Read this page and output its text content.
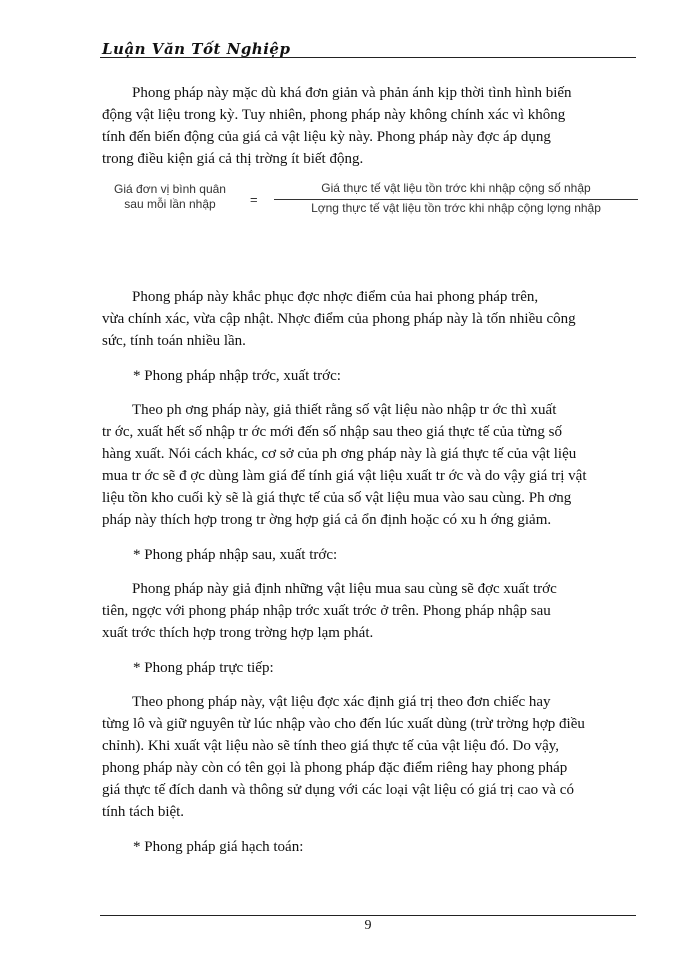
Luận Văn Tốt Nghiệp
Phong pháp này mặc dù khá đơn giản và phản ánh kịp thời tình hình biến
động vật liệu trong kỳ. Tuy nhiên, phong pháp này không chính xác vì không
tính đến biến động của giá cả vật liệu kỳ này. Phong pháp này đợc áp dụng
trong điều kiện giá cả thị trờng ít biết động.
Giá đơn vị bình quân
sau mỗi lần nhập	=
Giá thực tế vật liệu tồn trớc khi nhập cộng số nhập
Lợng thực tế vật liệu tồn trớc khi nhập cộng lợng nhập
Phong pháp này khắc phục đợc nhợc điểm của hai phong pháp trên,
vừa chính xác, vừa cập nhật. Nhợc điểm của phong pháp này là tốn nhiều công
sức, tính toán nhiều lần.
* Phong pháp nhập trớc, xuất trớc:
Theo ph ơng pháp này, giả thiết rằng số vật liệu nào nhập tr ớc thì xuất
tr ớc, xuất hết số nhập tr ớc mới đến số nhập sau theo giá thực tế của từng số
hàng xuất. Nói cách khác, cơ sở của ph ơng pháp này là giá thực tế của vật liệu
mua tr ớc sẽ đ ợc dùng làm giá để tính giá vật liệu xuất tr ớc và do vậy giá trị vật
liệu tồn kho cuối kỳ sẽ là giá thực tế của số vật liệu mua vào sau cùng. Ph ơng
pháp này thích hợp trong tr ờng hợp giá cả ổn định hoặc có xu h ớng giảm.
* Phong pháp nhập sau, xuất trớc:
Phong pháp này giả định những vật liệu mua sau cùng sẽ đợc xuất trớc
tiên, ngợc với phong pháp nhập trớc xuất trớc ở trên. Phong pháp nhập sau
xuất trớc thích hợp trong trờng hợp lạm phát.
* Phong pháp trực tiếp:
Theo phong pháp này, vật liệu đợc xác định giá trị theo đơn chiếc hay
từng lô và giữ nguyên từ lúc nhập vào cho đến lúc xuất dùng (trừ trờng hợp điều
chỉnh). Khi xuất vật liệu nào sẽ tính theo giá thực tế của vật liệu đó. Do vậy,
phong pháp này còn có tên gọi là phong pháp đặc điểm riêng hay phong pháp
giá thực tế đích danh và thông sử dụng với các loại vật liệu có giá trị cao và có
tính tách biệt.
* Phong pháp giá hạch toán:
9
